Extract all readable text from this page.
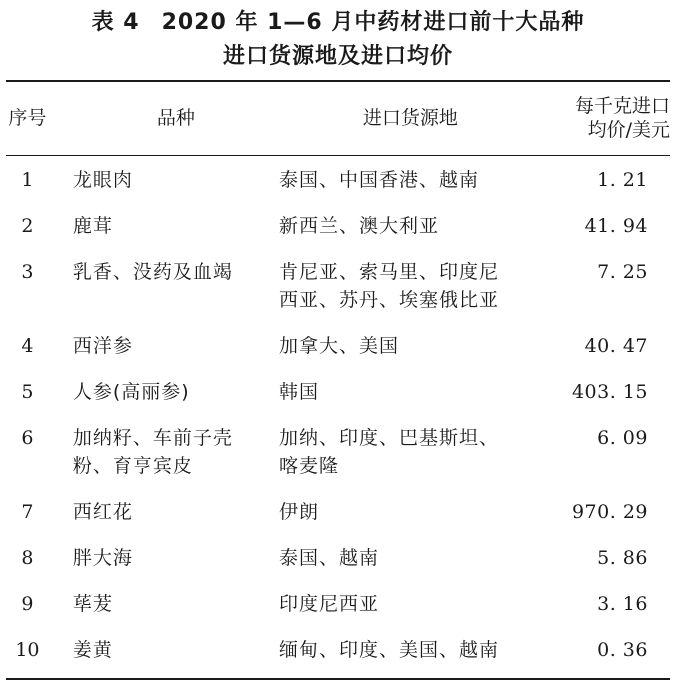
表 4 2020 年 1—6 月中药材进口前十大品种
进口货源地及进口均价
序号	品种	进口货源地	每千克进口
均价/美元

1	龙眼肉	泰国、中国香港、越南	1. 21
2	鹿茸	新西兰、澳大利亚	41. 94
3	乳香、没药及血竭	肯尼亚、索马里、印度尼
西亚、苏丹、埃塞俄比亚	7. 25
4	西洋参	加拿大、美国	40. 47
5	人参(高丽参)	韩国	403. 15
6	加纳籽、车前子壳
粉、育亨宾皮	加纳、印度、巴基斯坦、
喀麦隆	6. 09
7	西红花	伊朗	970. 29
8	胖大海	泰国、越南	5. 86
9	荜茇	印度尼西亚	3. 16
10	姜黄	缅甸、印度、美国、越南	0. 36
